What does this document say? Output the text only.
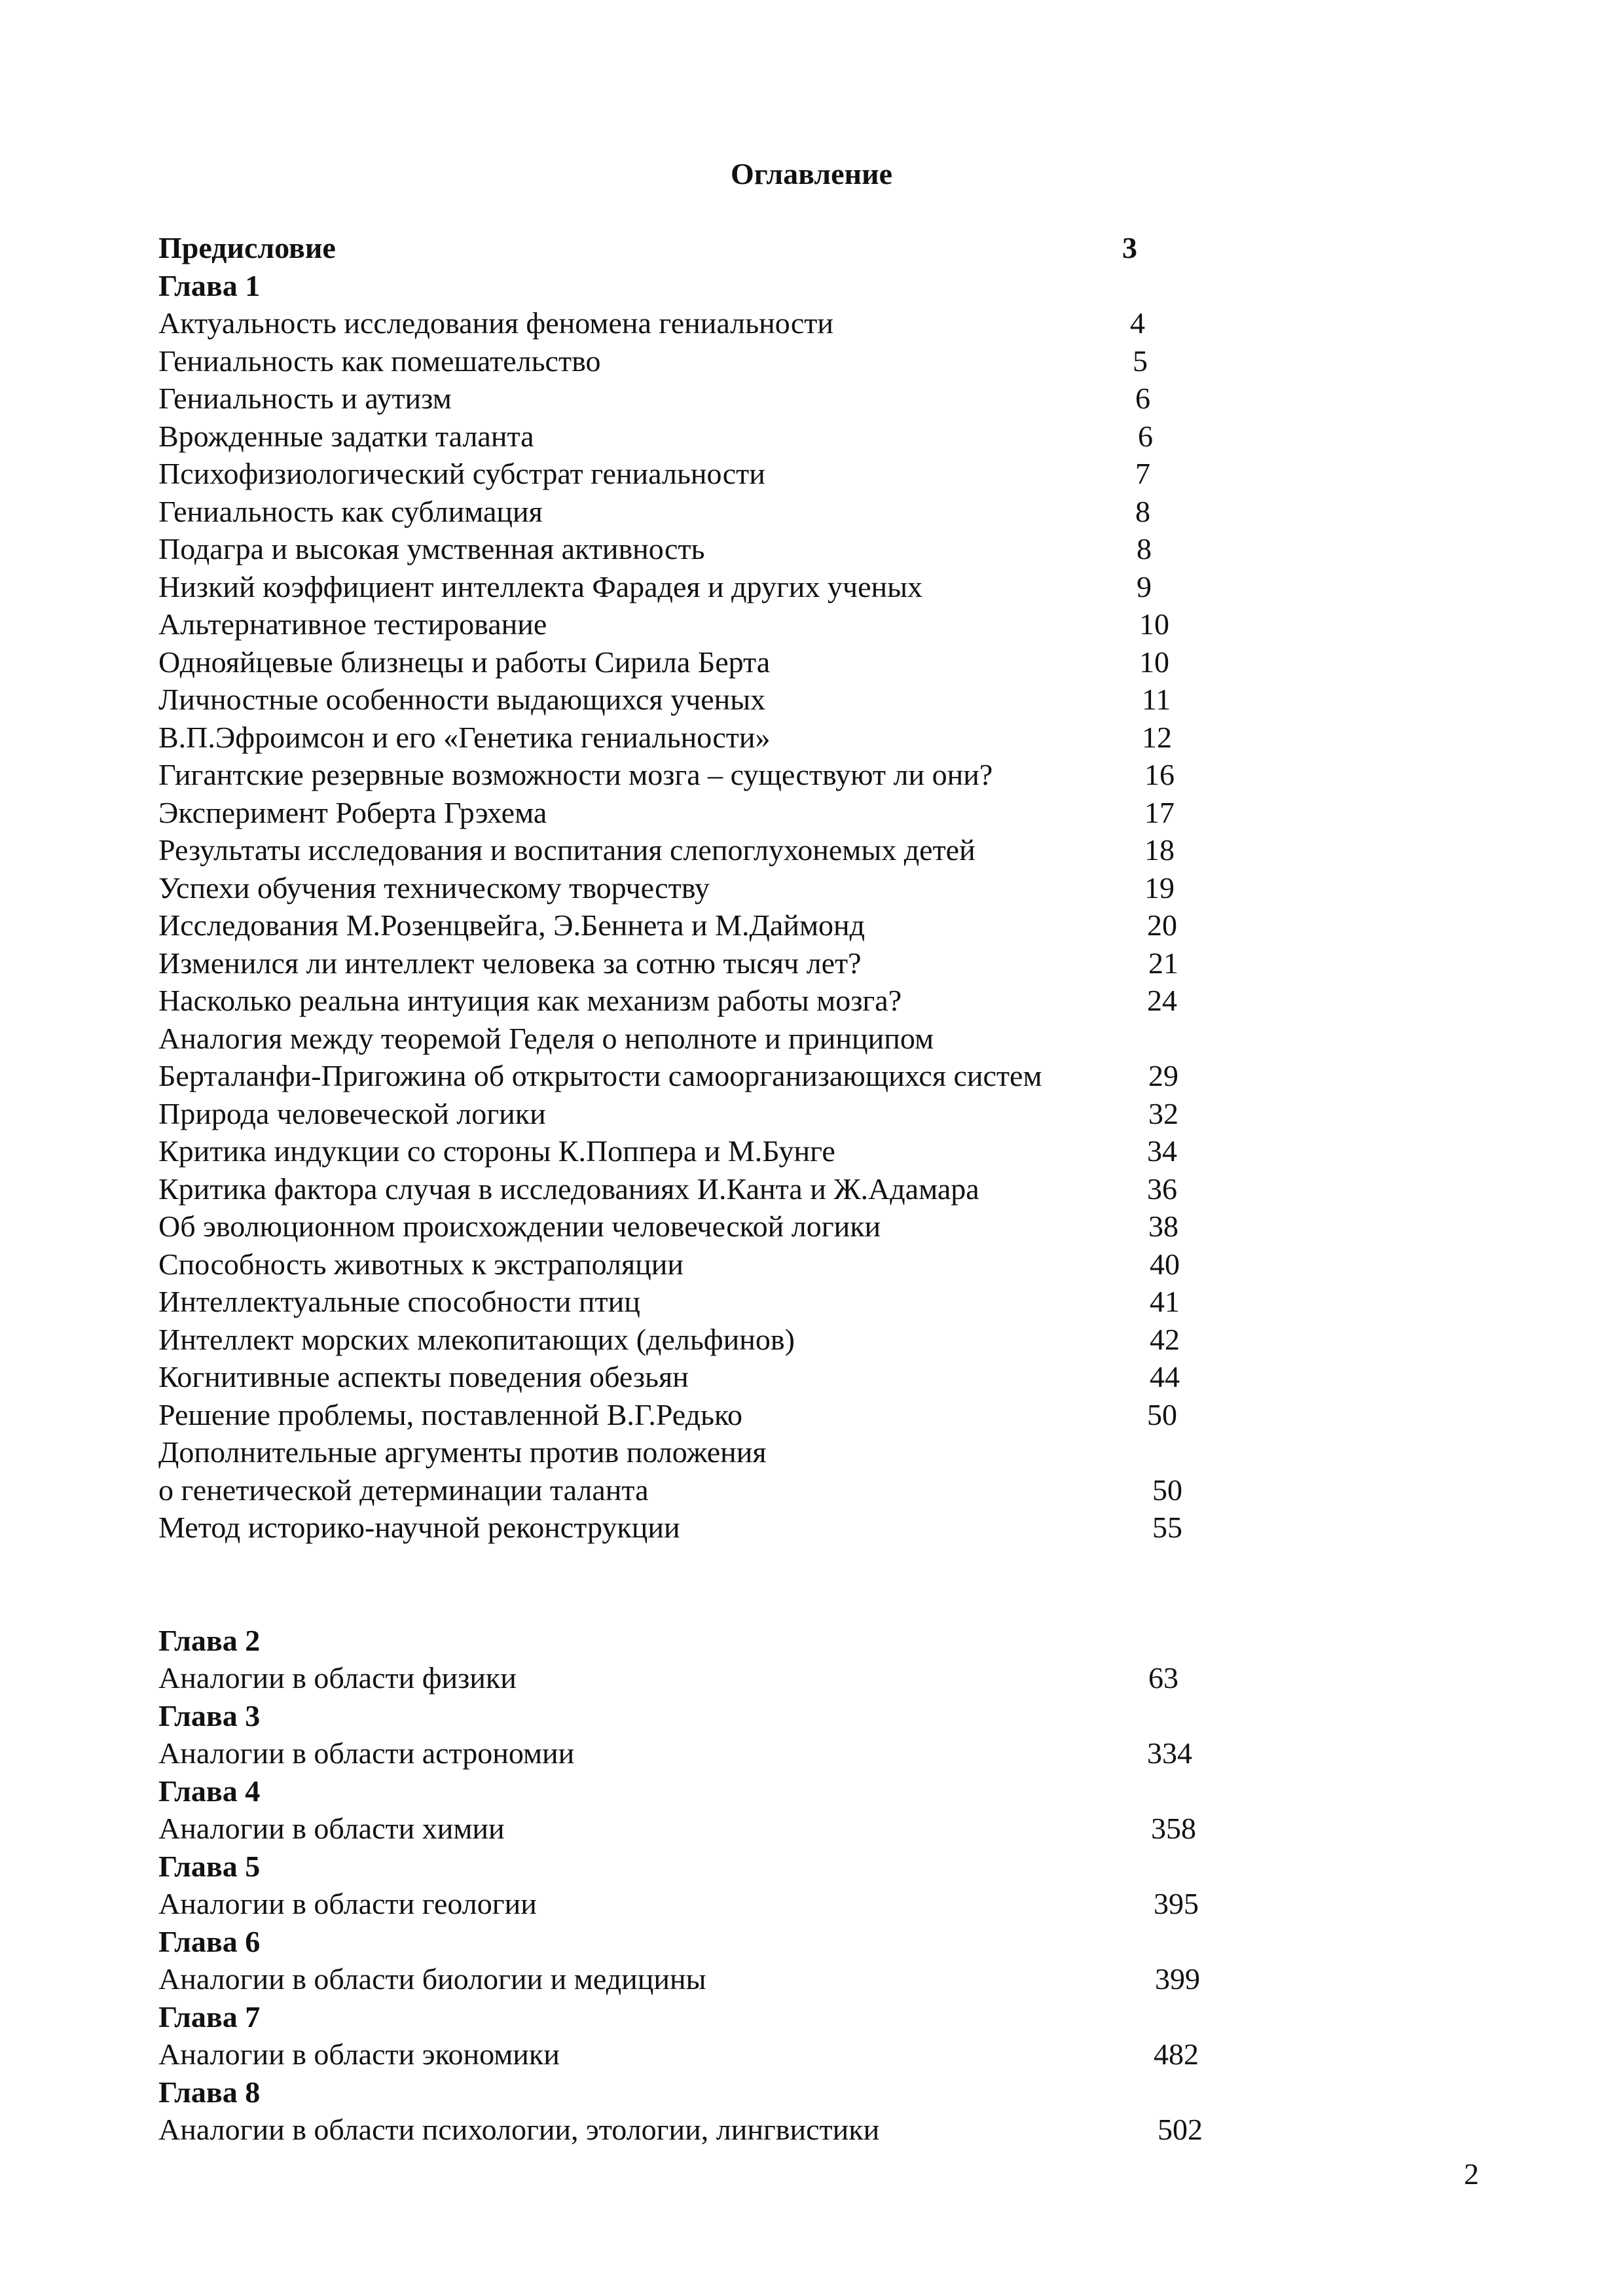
Оглавление
Предисловие	3
Глава 1
Актуальность исследования феномена гениальности	4
Гениальность как помешательство	5
Гениальность и аутизм	6
Врожденные задатки таланта	6
Психофизиологический субстрат гениальности	7
Гениальность как сублимация	8
Подагра и высокая умственная активность	8
Низкий коэффициент интеллекта Фарадея и других ученых	9
Альтернативное тестирование	10
Однояйцевые близнецы и работы Сирила Берта	10
Личностные особенности выдающихся ученых	11
В.П.Эфроимсон и его «Генетика гениальности»	12
Гигантские резервные возможности мозга – существуют ли они?	16
Эксперимент Роберта Грэхема	17
Результаты исследования и воспитания слепоглухонемых детей	18
Успехи обучения техническому творчеству	19
Исследования М.Розенцвейга, Э.Беннета и М.Даймонд	20
Изменился ли интеллект человека за сотню тысяч лет?	21
Насколько реальна интуиция как механизм работы мозга?	24
Аналогия между теоремой Геделя о неполноте и принципом
Берталанфи-Пригожина об открытости самоорганизающихся систем	29
Природа человеческой логики	32
Критика индукции со стороны К.Поппера и М.Бунге	34
Критика фактора случая в исследованиях И.Канта и Ж.Адамара	36
Об эволюционном происхождении человеческой логики	38
Способность животных к экстраполяции	40
Интеллектуальные способности птиц	41
Интеллект морских млекопитающих (дельфинов)	42
Когнитивные аспекты поведения обезьян	44
Решение проблемы, поставленной В.Г.Редько	50
Дополнительные аргументы против положения
о генетической детерминации таланта	50
Метод историко-научной реконструкции	55
Глава 2
Аналогии в области физики	63
Глава 3
Аналогии в области астрономии	334
Глава 4
Аналогии в области химии	358
Глава 5
Аналогии в области геологии	395
Глава 6
Аналогии в области биологии и медицины	399
Глава 7
Аналогии в области экономики	482
Глава 8
Аналогии в области психологии, этологии, лингвистики	502
2
